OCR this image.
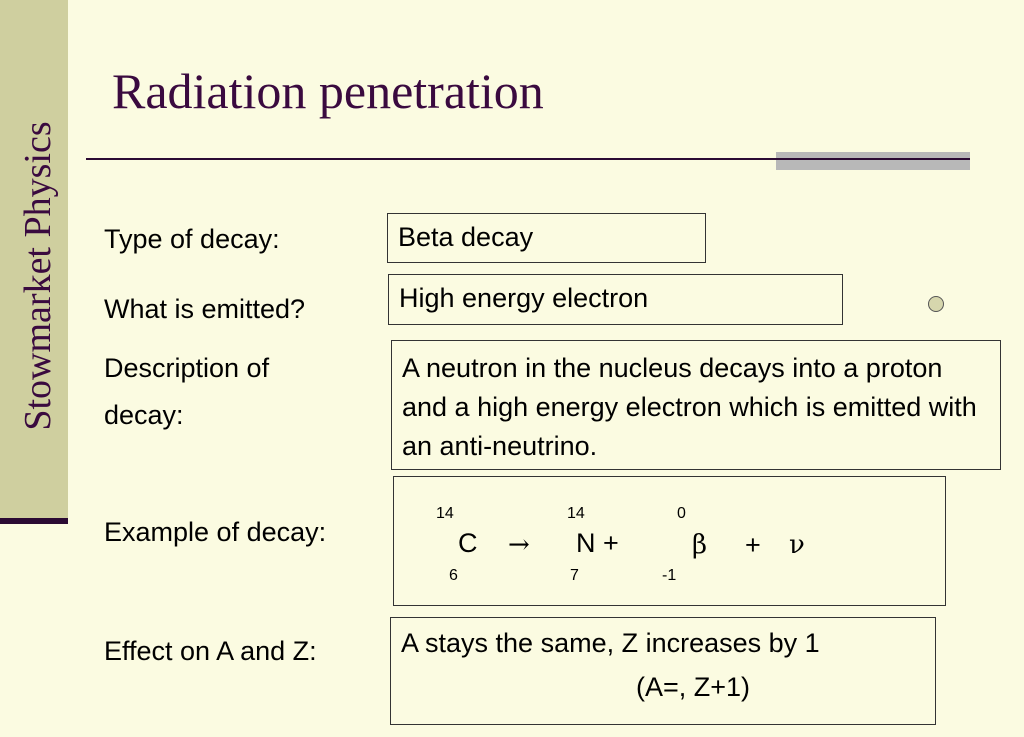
Stowmarket Physics
Radiation penetration
Type of decay:	Beta decay
What is emitted?	High energy electron
Description of
decay:
A neutron in the nucleus decays into a proton and a high energy electron which is emitted with an anti-neutrino.
Example of decay:
14
C
6
→
14
N +
7
0
β
-1
+ ν
Effect on A and Z:	A stays the same, Z increases by 1
(A=, Z+1)
